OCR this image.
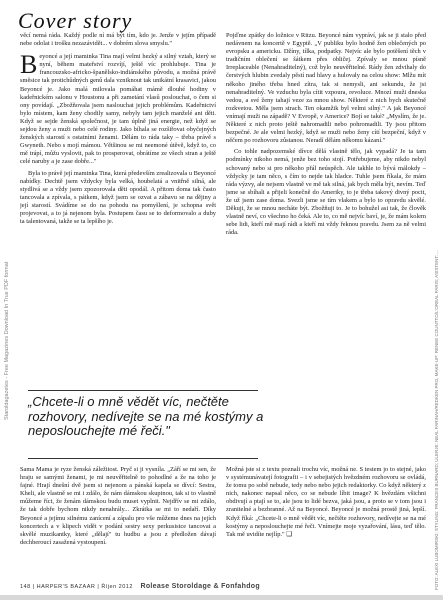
Cover story
Staroldagazetes - Free Magazines Download In True PDF format	FOTO: ALEXI LUBOMIRSKI; STYLING: FRANCES BURNARD; ULERJE: NEAL FARINAH/REDKEN PRO, MAKE-UP: RENEE COUNTTO/L'OREAL PARIS; ASISTENT: ...

věcí nemá ráda. Každý podle ní má být tím, kdo je. Jenže v jejím případě nebe odolat i trošku nezazávidět... v dobrém slova smyslu."

Beyoncé a její maminka Tina mají velmi hezký a silný vztah, který se nyní, během mateřství rozvíjí, ještě víc prohlubuje. Tina je francouzsko-africko-španělsko-indiánského původu, a možná právě směsice tak protichůdných genů dala vzniknout tak unikátní krasavici, jakou Beyoncé je. Jako malá milovala pomáhat mámě dlouhé hodiny v kadeřnickém salonu v Houstonu a při zametání vlasů poslouchat, o čem si ony povídají. „Zbožňovala jsem naslouchat jejich problémům. Kadeřnictví bylo místem, kam ženy chodily samy, nebyly tam jejich manželé ani děti. Když se sejde ženská společnost, je tam úplně jiná energie, než když se sejdou ženy a muži nebo celé rodiny. Jako bíhala se rozšiřovat obyčejných ženských starostí s ostatními ženami. Dělám to ráda taky – třeba právě s Gwyneth. Nebo s mojí mámou. Většinou se mi neemoné útěvě, když to, co mě trápí, můžu vyslovit, pak to prosperovat, obrátíme ze všech stran a ještě celé naruby a je zase dobře..."

Byla to právě její maminka Tina, která především zrealizovala u Beyoncé nabídky. Dechtě jsem vždycky byla velká, houbelatá a vnitřně silná, ale stydlivá se a vždy jsem zpozorovala děti opodál. A přitom doma tak často tancovala a zpívala, s pátkem, když jsem se ozvat a zábavu se na dějiny a její starostí. Svádíme se do na pohodu na pomyšlení, je schopna svět projevovat, a to já nejenom byla. Postupem času se to deformovalo a duby ta talentovaná, takže se ta lepšího je.

Pojďme zpátky do ložnice v Ritzu. Beyoncé nám vypráví, jak se ji stalo před nedávnem na koncertě v Egyptě. „V publiku bylo hodně žen oblečených po evropsku a americku. Džíny, tílka, podpatky. Nejvíc ale bylo potěšení těch v tradičním oblečení se šátkem přes obličej. Zpívaly se mnou písně Irreplaceable (Nenahraditelný), což bylo neuvěřitelné. Rády žen zdvihaly do čerstvých hlubin zvedaly pěstí nad hlavy a hulovaly na celou show: Mlžu mít někoho jiného třeba hned zítra, tak si nemysli, ani sekundu, že jsi nenahraditelný. Ve vzduchu byla cítit vzpoura, revoluce. Mnozí muži dneska vedou, a své ženy tahají veze za mnou show. Některé z nich bych skutečně rozkvetou. Měla jsem strach. Ten okamžik byl velmi silný." A jak Beyoncé vnímají muži na západě? V Evropě, v Americe? Bojí se také? „Myslím, že je. Některé z nich proto ještě nahromadili nebo pohromadili. Ty jsou přitom bezpečné. Je ale velmi hezký, když se muži nebo ženy cítí bezpeční, když v něčem po rozhovoru zůstanou. Neradí dělám někomu kázaní."

Co tohle nadpozemské dívce dělá vlastně tělo, jak vypadá? Je ta tam podmínky nikoho nemá, jenže bez toho stojí. Potřebujeme, aby nikdo nebyl schovaný nebo si pro někoho přál neúspěch. Ale takhle to bývá málokdy – vždycky je tam něco, s čím to nejde tak hladce. Tuhle jsem říkala, že mám ráda výzvy, ale nejsem vlastně ve mě tak silná, jak bych měla být, nevím. Teď jsme se sbíhali a přijeli konečně do Ameriky, to je třeba takový divný pocit, že už jsem zase doma. Svezli jsme se tím vlakem a bylo to opravdu skvělé. Děkuji, že se mnou necháte být. Zbožňuji to. Je to bohužel asi tak, že člověk vlastně neví, co všechno ho čeká. Ale to, co mě nejvíc baví, je, že mám kolem sebe lidi, kteří mě mají rádi a kteří mi vždy řeknou pravdu. Jsem za ně velmi ráda.

„Chcete-li o mně vědět víc, nečtěte rozhovory, nedívejte se na mé kostýmy a neposlouchejte mé řeči."

Sama Mama je ryze ženská záležitost. Pryč si ji vysníla. „Září se mi sen, že hraju se samými ženami, je mi neuvěřitelně to pohodlné a že na toho je fajné. Hrají dnešní dvě jsem si nejenom a pánská kapela se dívcí: Sestra, Kheli, ale vlastně se mi i zdálo, že nám dámskou skupinou, tak si to vlastně můžeme říct, že ženám dámskou budu muset vyplnit. Nejdřív se mi zdálo, že tak dobře bychom nikdy nenahrály... Zkrátka se mi to nedaří. Díky Beyoncé a jejímu silnému zanícení a zápalu pro vše můžeme dnes na jejích koncertech a v klipech vidět v podání sestry sexy perkusistce tancovat a skvělé muzikantky, které „dělají" tu hudbu a jsou z předložen dávají dechberoucí zasažená vystoupení.

Možná jste si z textu poznali trochu víc, možná ne. S testem jo to stejné, jako v systémunávatejí fotografii – i v sebejistých hvězdném rozhovoru se ovládá, že tomu po sobě nebude, tedy nebo nebo jejich redaktorky. Co když některý z nich, nakonec napsal něco, co se nebude líbit image? K hvězdám všichni obdivují a ptají se to, ale jsou to lidé bezva, jaká jsou, a proto se v tom jsou i zranitelné a bezbranné. Až na Beyoncé. Beyoncé je možná prostě jiná, lepší. Když říká: „Chcete-li o mně vědět víc, nečtěte rozhovory, nedívejte se na mé kostýmy a neposlouchejte mé řeči. Vnímejte moje vyzařování, lásu, teď tělo. Tak mě uvidíte nejlíp." ❑

148 | HARPER'S BAZAAR | Říjen 2012 Rolease Storoldage & Fonfahdog
